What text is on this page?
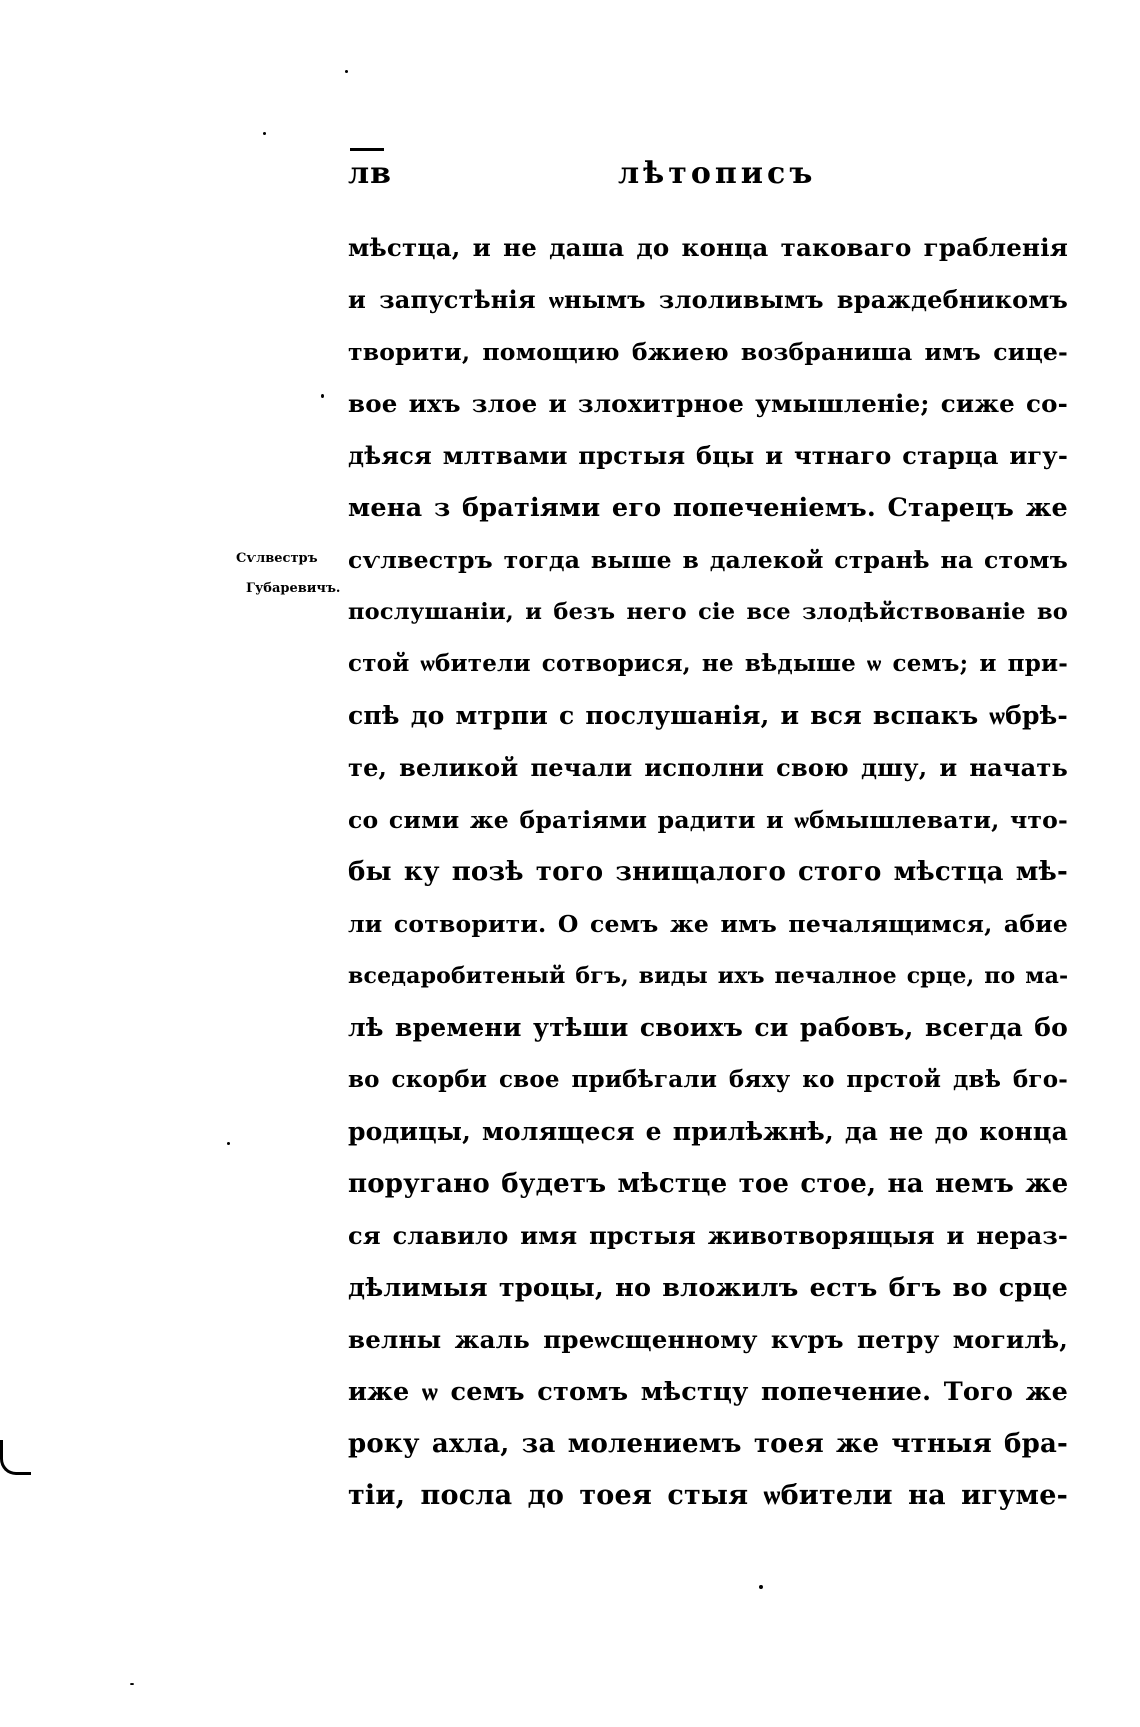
лв	лѣтописъ
Сѵлвестръ
Губаревичъ.
мѣстца, и не даша до конца таковаго грабленія
и запустѣнія ѡнымъ злоливымъ враждебникомъ
творити, помощию бжиею возбраниша имъ сице-
вое ихъ злое и злохитрное умышленіе; сиже со-
дѣяся млтвами прстыя бцы и чтнаго старца игу-
мена з братіями его попеченіемъ. Старецъ же
сѵлвестръ тогда выше в далекой странѣ на стомъ
послушаніи, и безъ него сіе все злодѣйствованіе во
стой ѡбители сотворися, не вѣдыше ѡ семъ; и при-
спѣ до мтрпи с послушанія, и вся вспакъ ѡбрѣ-
те, великой печали исполни свою дшу, и начать
со сими же братіями радити и ѡбмышлевати, что-
бы ку позѣ того знищалого стого мѣстца мѣ-
ли сотворити. О семъ же имъ печалящимся, абие
вседаробитеный бгъ, виды ихъ печалное срце, по ма-
лѣ времени утѣши своихъ си рабовъ, всегда бо
во скорби свое прибѣгали бяху ко прстой двѣ бго-
родицы, молящеся е прилѣжнѣ, да не до конца
поругано будетъ мѣстце тое стое, на немъ же
ся славило имя прстыя животворящыя и нераз-
дѣлимыя троцы, но вложилъ естъ бгъ во срце
велны жаль преѡсщенному кѵръ петру могилѣ,
иже ѡ семъ стомъ мѣстцу попечение. Того же
року ахла, за молениемъ тоея же чтныя бра-
тіи, посла до тоея стыя ѡбители на игуме-
